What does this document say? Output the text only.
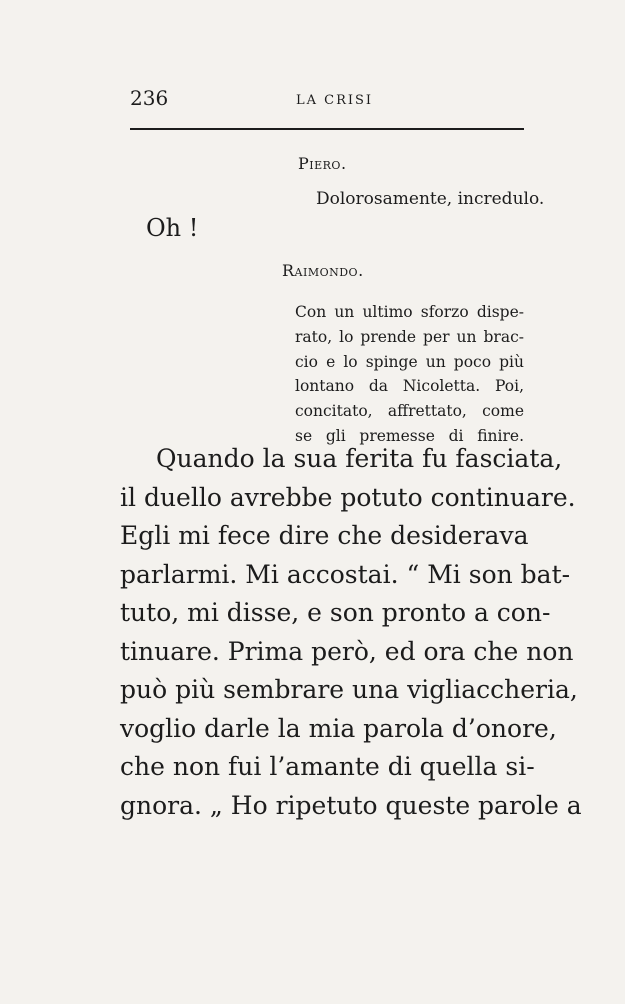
236	LA CRISI
Piero.
Dolorosamente, incredulo.
Oh !
Raimondo.
Con un ultimo sforzo dispe-
rato, lo prende per un brac-
cio e lo spinge un poco più
lontano da Nicoletta. Poi,
concitato, affrettato, come
se gli premesse di finire.
Quando la sua ferita fu fasciata,
il duello avrebbe potuto continuare.
Egli mi fece dire che desiderava
parlarmi. Mi accostai. “ Mi son bat-
tuto, mi disse, e son pronto a con-
tinuare. Prima però, ed ora che non
può più sembrare una vigliaccheria,
voglio darle la mia parola d’onore,
che non fui l’amante di quella si-
gnora. „ Ho ripetuto queste parole a
